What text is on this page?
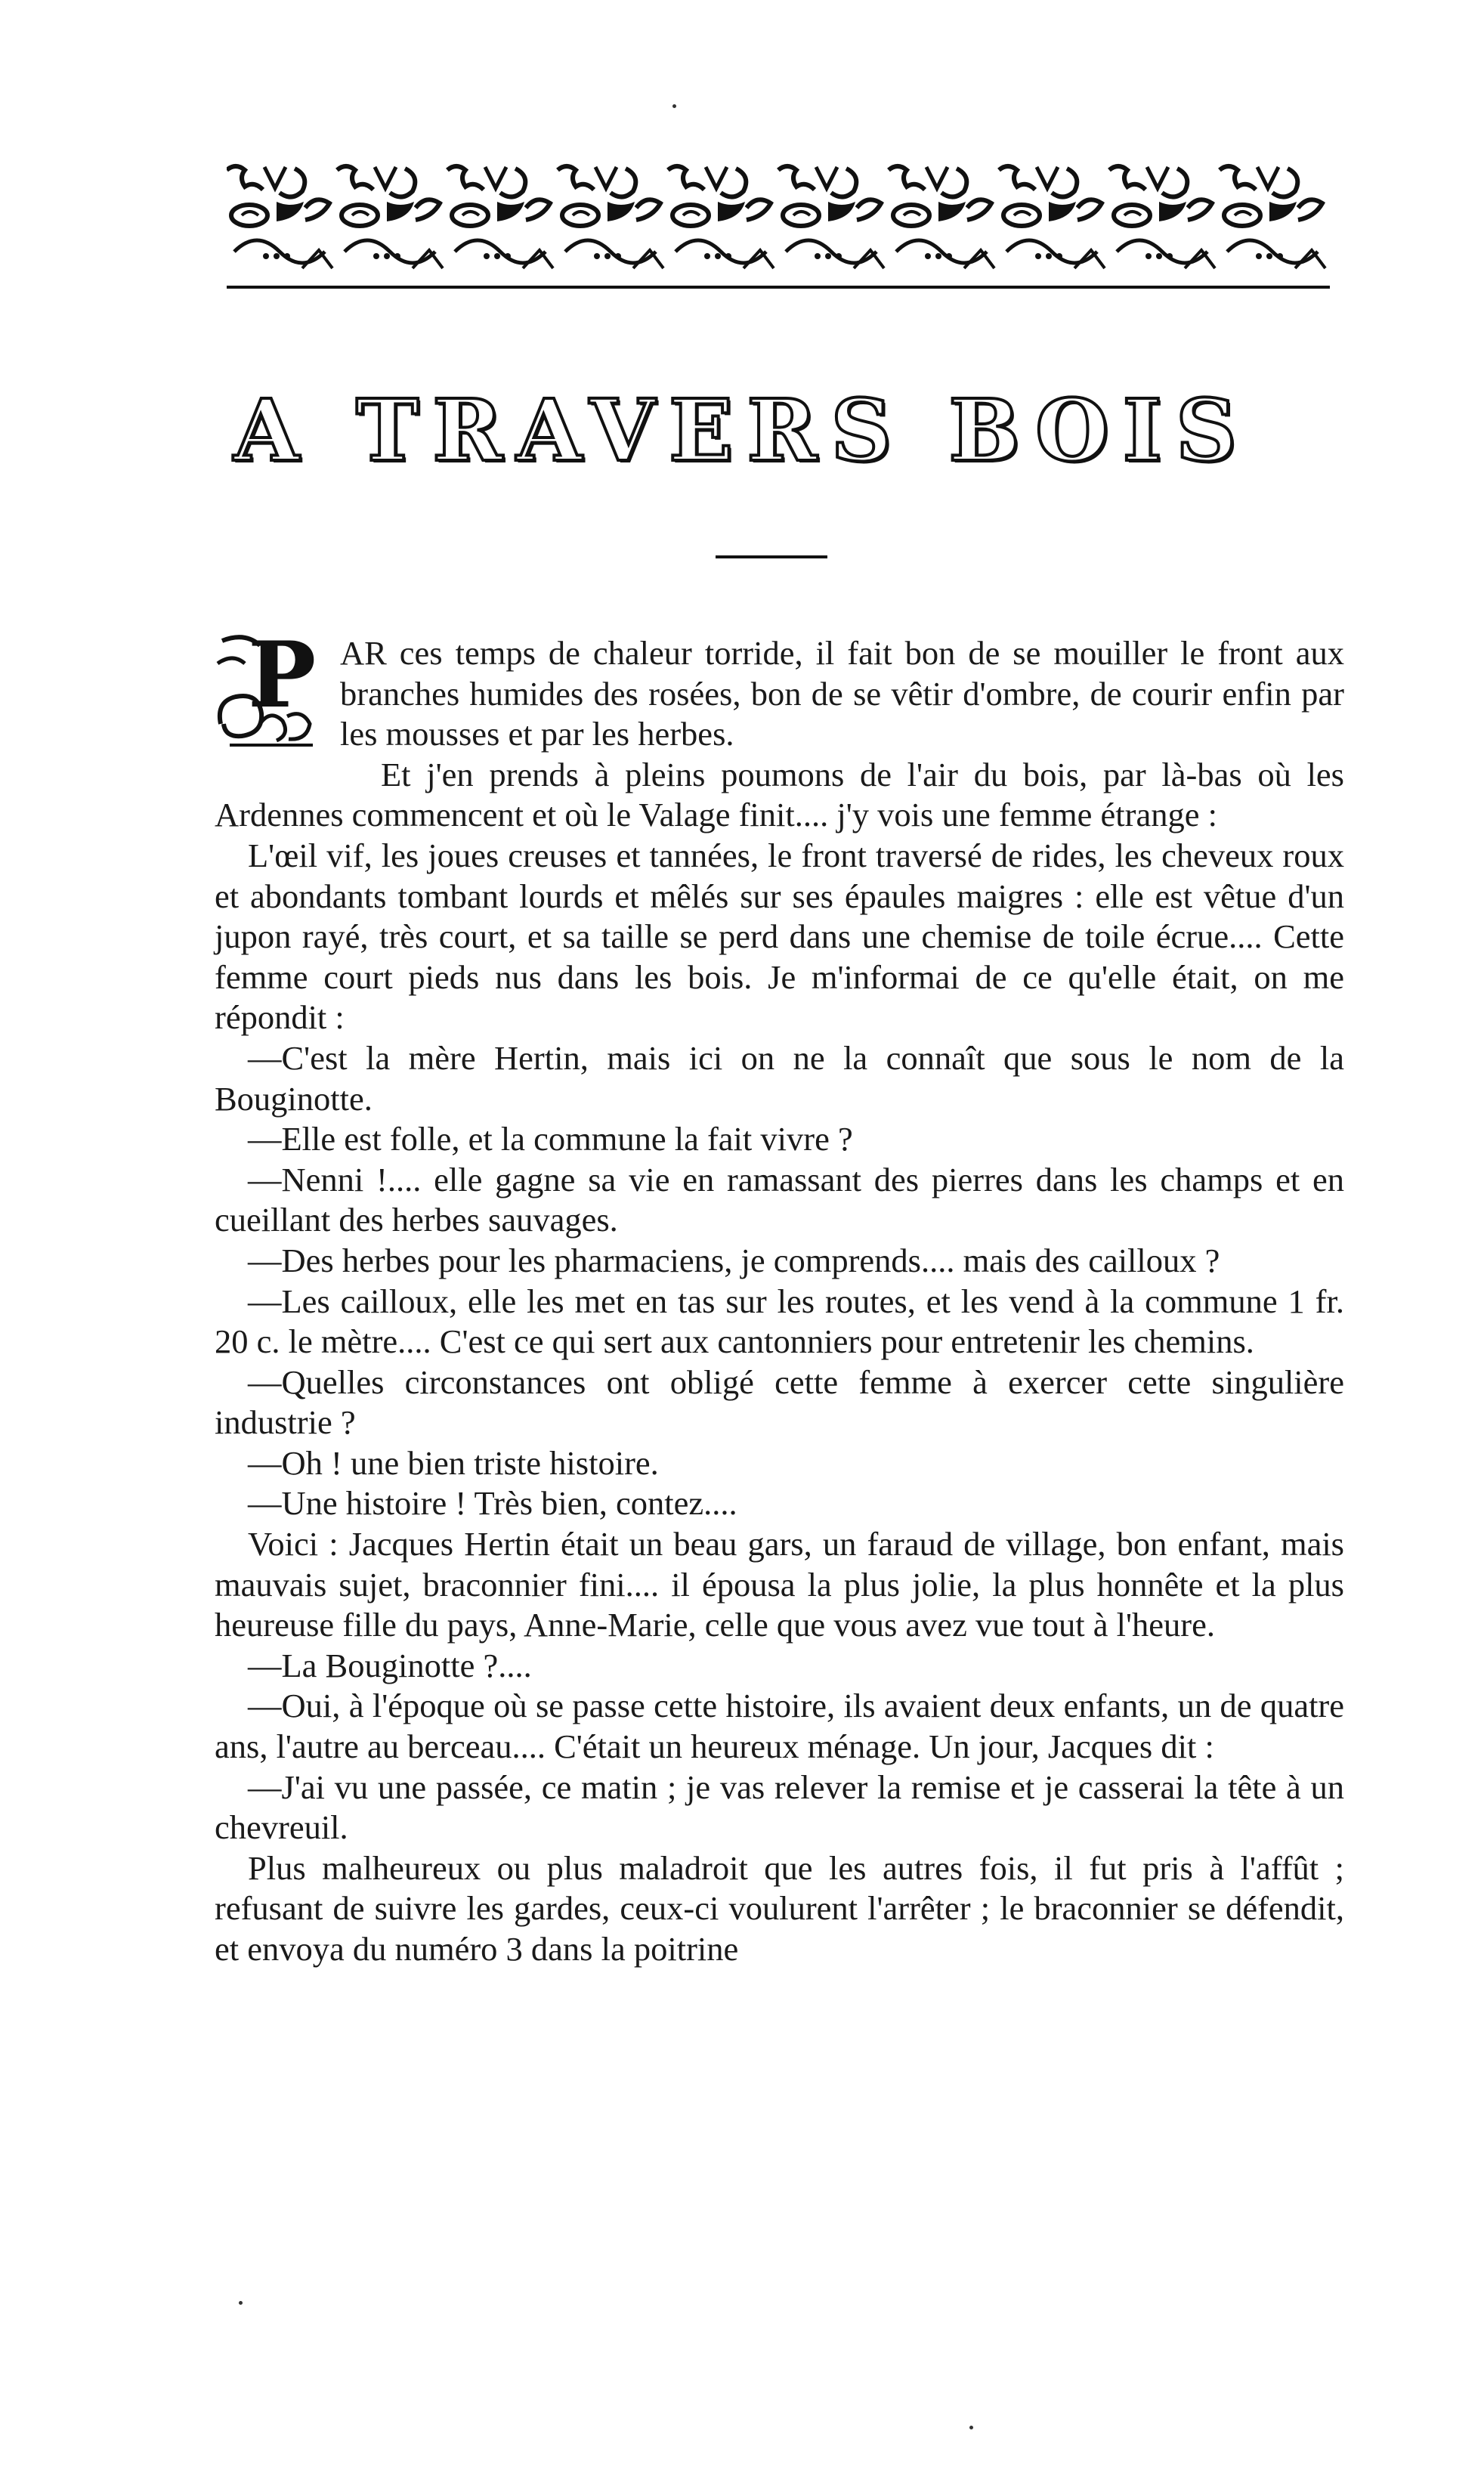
A TRAVERS BOIS
P AR ces temps de chaleur torride, il fait bon de se mouiller le front aux branches humides des rosées, bon de se vêtir d'ombre, de courir enfin par les mousses et par les herbes.

Et j'en prends à pleins poumons de l'air du bois, par là-bas où les Ardennes commencent et où le Valage finit.... j'y vois une femme étrange :

L'œil vif, les joues creuses et tannées, le front traversé de rides, les cheveux roux et abondants tombant lourds et mêlés sur ses épaules maigres : elle est vêtue d'un jupon rayé, très court, et sa taille se perd dans une chemise de toile écrue.... Cette femme court pieds nus dans les bois. Je m'informai de ce qu'elle était, on me répondit :

—C'est la mère Hertin, mais ici on ne la connaît que sous le nom de la Bouginotte.

—Elle est folle, et la commune la fait vivre ?

—Nenni !.... elle gagne sa vie en ramassant des pierres dans les champs et en cueillant des herbes sauvages.

—Des herbes pour les pharmaciens, je comprends.... mais des cailloux ?

—Les cailloux, elle les met en tas sur les routes, et les vend à la commune 1 fr. 20 c. le mètre.... C'est ce qui sert aux cantonniers pour entretenir les chemins.

—Quelles circonstances ont obligé cette femme à exercer cette singulière industrie ?

—Oh ! une bien triste histoire.

—Une histoire ! Très bien, contez....

Voici : Jacques Hertin était un beau gars, un faraud de village, bon enfant, mais mauvais sujet, braconnier fini.... il épousa la plus jolie, la plus honnête et la plus heureuse fille du pays, Anne-Marie, celle que vous avez vue tout à l'heure.

—La Bouginotte ?....

—Oui, à l'époque où se passe cette histoire, ils avaient deux enfants, un de quatre ans, l'autre au berceau.... C'était un heureux ménage. Un jour, Jacques dit :

—J'ai vu une passée, ce matin ; je vas relever la remise et je casserai la tête à un chevreuil.

Plus malheureux ou plus maladroit que les autres fois, il fut pris à l'affût ; refusant de suivre les gardes, ceux-ci voulurent l'arrêter ; le braconnier se défendit, et envoya du numéro 3 dans la poitrine
